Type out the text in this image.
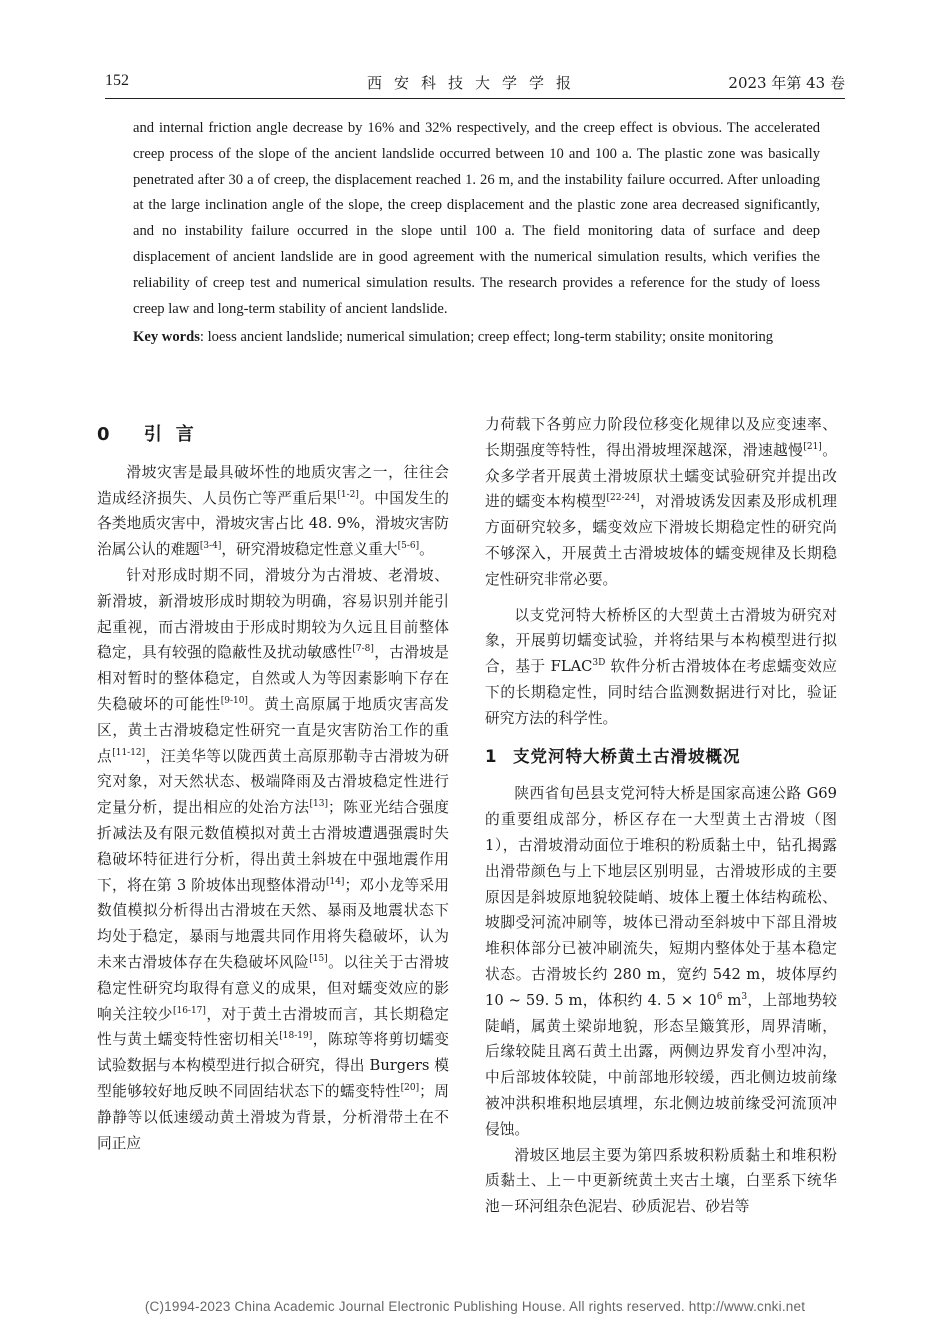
152	西安科技大学学报	2023 年第 43 卷

and internal friction angle decrease by 16% and 32% respectively, and the creep effect is obvious. The accelerated creep process of the slope of the ancient landslide occurred between 10 and 100 a. The plastic zone was basically penetrated after 30 a of creep, the displacement reached 1. 26 m, and the instability failure occurred. After unloading at the large inclination angle of the slope, the creep displacement and the plastic zone area decreased significantly, and no instability failure occurred in the slope until 100 a. The field monitoring data of surface and deep displacement of ancient landslide are in good agreement with the numerical simulation results, which verifies the reliability of creep test and numerical simulation results. The research provides a reference for the study of loess creep law and long-term stability of ancient landslide.

Key words: loess ancient landslide; numerical simulation; creep effect; long-term stability; onsite monitoring

0 引言

滑坡灾害是最具破坏性的地质灾害之一，往往会造成经济损失、人员伤亡等严重后果[1-2]。中国发生的各类地质灾害中，滑坡灾害占比 48. 9%，滑坡灾害防治属公认的难题[3-4]，研究滑坡稳定性意义重大[5-6]。

针对形成时期不同，滑坡分为古滑坡、老滑坡、新滑坡，新滑坡形成时期较为明确，容易识别并能引起重视，而古滑坡由于形成时期较为久远且目前整体稳定，具有较强的隐蔽性及扰动敏感性[7-8]，古滑坡是相对暂时的整体稳定，自然或人为等因素影响下存在失稳破坏的可能性[9-10]。黄土高原属于地质灾害高发区，黄土古滑坡稳定性研究一直是灾害防治工作的重点[11-12]，汪美华等以陇西黄土高原那勒寺古滑坡为研究对象，对天然状态、极端降雨及古滑坡稳定性进行定量分析，提出相应的处治方法[13]；陈亚光结合强度折减法及有限元数值模拟对黄土古滑坡遭遇强震时失稳破坏特征进行分析，得出黄土斜坡在中强地震作用下，将在第 3 阶坡体出现整体滑动[14]；邓小龙等采用数值模拟分析得出古滑坡在天然、暴雨及地震状态下均处于稳定，暴雨与地震共同作用将失稳破坏，认为未来古滑坡体存在失稳破坏风险[15]。以往关于古滑坡稳定性研究均取得有意义的成果，但对蠕变效应的影响关注较少[16-17]，对于黄土古滑坡而言，其长期稳定性与黄土蠕变特性密切相关[18-19]，陈琼等将剪切蠕变试验数据与本构模型进行拟合研究，得出 Burgers 模型能够较好地反映不同固结状态下的蠕变特性[20]；周静静等以低速缓动黄土滑坡为背景，分析滑带土在不同正应

力荷载下各剪应力阶段位移变化规律以及应变速率、长期强度等特性，得出滑坡埋深越深，滑速越慢[21]。众多学者开展黄土滑坡原状土蠕变试验研究并提出改进的蠕变本构模型[22-24]，对滑坡诱发因素及形成机理方面研究较多，蠕变效应下滑坡长期稳定性的研究尚不够深入，开展黄土古滑坡坡体的蠕变规律及长期稳定性研究非常必要。

以支党河特大桥桥区的大型黄土古滑坡为研究对象，开展剪切蠕变试验，并将结果与本构模型进行拟合，基于 $FLAC^{3D}$ 软件分析古滑坡体在考虑蠕变效应下的长期稳定性，同时结合监测数据进行对比，验证研究方法的科学性。

1 支党河特大桥黄土古滑坡概况

陕西省旬邑县支党河特大桥是国家高速公路 G69 的重要组成部分，桥区存在一大型黄土古滑坡（图 1），古滑坡滑动面位于堆积的粉质黏土中，钻孔揭露出滑带颜色与上下地层区别明显，古滑坡形成的主要原因是斜坡原地貌较陡峭、坡体上覆土体结构疏松、坡脚受河流冲刷等，坡体已滑动至斜坡中下部且滑坡堆积体部分已被冲刷流失，短期内整体处于基本稳定状态。古滑坡长约 280 m，宽约 542 m，坡体厚约 10 ~ 59. 5 m，体积约 4. $5 \times 10^6$ $m^3$，上部地势较陡峭，属黄土梁峁地貌，形态呈簸箕形，周界清晰，后缘较陡且离石黄土出露，两侧边界发育小型冲沟，中后部坡体较陡，中前部地形较缓，西北侧边坡前缘被冲洪积堆积地层填埋，东北侧边坡前缘受河流顶冲侵蚀。

滑坡区地层主要为第四系坡积粉质黏土和堆积粉质黏土、上－中更新统黄土夹古土壤，白垩系下统华池－环河组杂色泥岩、砂质泥岩、砂岩等

(C)1994-2023 China Academic Journal Electronic Publishing House. All rights reserved. http://www.cnki.net
